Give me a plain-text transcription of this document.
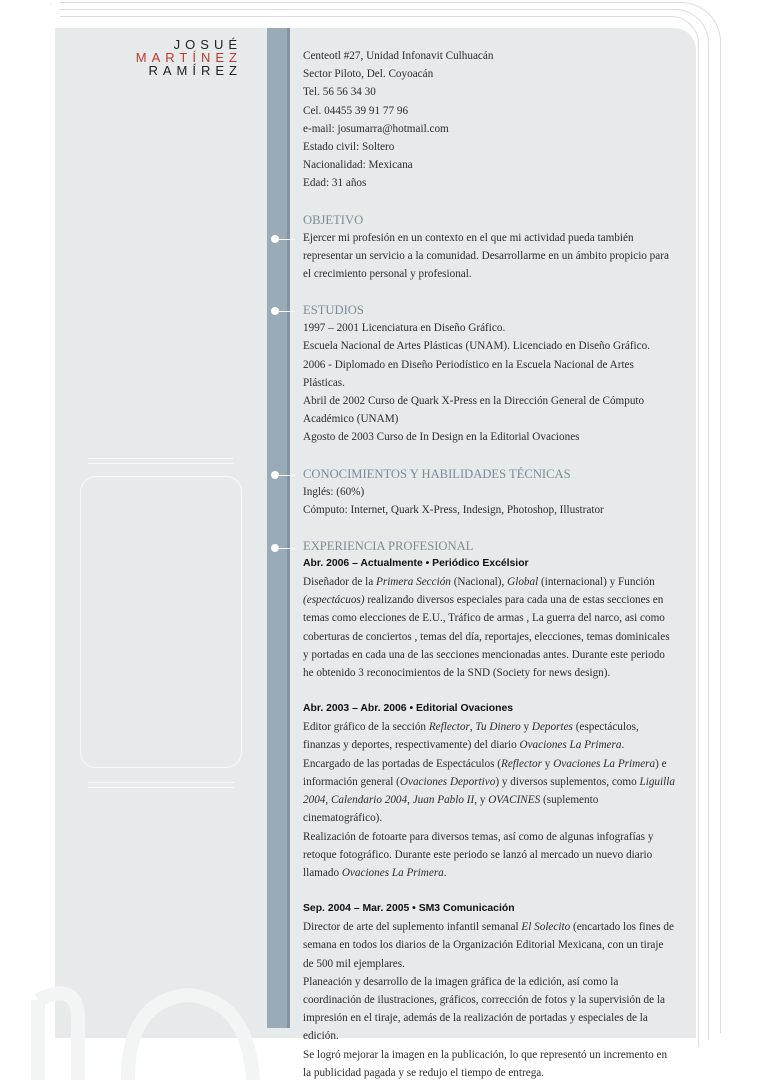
JOSUÉ
MARTÍNEZ
RAMÍREZ

Centeotl #27, Unidad Infonavit Culhuacán

Sector Piloto, Del. Coyoacán

Tel. 56 56 34 30

Cel. 04455 39 91 77 96

e-mail: josumarra@hotmail.com

Estado civil: Soltero

Nacionalidad: Mexicana

Edad: 31 años

OBJETIVO

Ejercer mi profesión en un contexto en el que mi actividad pueda también representar un servicio a la comunidad. Desarrollarme en un ámbito propicio para el crecimiento personal y profesional.

ESTUDIOS

1997 – 2001 Licenciatura en Diseño Gráfico.

Escuela Nacional de Artes Plásticas (UNAM). Licenciado en Diseño Gráfico.

2006 - Diplomado en Diseño Periodístico en la Escuela Nacional de Artes Plásticas.

Abril de 2002 Curso de Quark X-Press en la Dirección General de Cómputo Académico (UNAM)

Agosto de 2003 Curso de In Design en la Editorial Ovaciones

CONOCIMIENTOS Y HABILIDADES TÉCNICAS

Inglés: (60%)

Cómputo: Internet, Quark X-Press, Indesign, Photoshop, Illustrator

EXPERIENCIA PROFESIONAL

Abr. 2006 – Actualmente • Periódico Excélsior

Diseñador de la Primera Sección (Nacional), Global (internacional) y Función (espectácuos) realizando diversos especiales para cada una de estas secciones en temas como elecciones de E.U., Tráfico de armas , La guerra del narco, asi como coberturas de conciertos , temas del día, reportajes, elecciones, temas dominicales y portadas en cada una de las secciones mencionadas antes. Durante este periodo he obtenido 3 reconocimientos de la SND (Society for news design).

Abr. 2003 – Abr. 2006 • Editorial Ovaciones

Editor gráfico de la sección Reflector, Tu Dinero y Deportes (espectáculos, finanzas y deportes, respectivamente) del diario Ovaciones La Primera.

Encargado de las portadas de Espectáculos (Reflector y Ovaciones La Primera) e información general (Ovaciones Deportivo) y diversos suplementos, como Liguilla 2004, Calendario 2004, Juan Pablo II, y OVACINES (suplemento cinematográfico).

Realización de fotoarte para diversos temas, así como de algunas infografías y retoque fotográfico. Durante este periodo se lanzó al mercado un nuevo diario llamado Ovaciones La Primera.

Sep. 2004 – Mar. 2005 • SM3 Comunicación

Director de arte del suplemento infantil semanal El Solecito (encartado los fines de semana en todos los diarios de la Organización Editorial Mexicana, con un tiraje de 500 mil ejemplares.

Planeación y desarrollo de la imagen gráfica de la edición, así como la coordinación de ilustraciones, gráficos, corrección de fotos y la supervisión de la impresión en el tiraje, además de la realización de portadas y especiales de la edición.

Se logró mejorar la imagen en la publicación, lo que representó un incremento en la publicidad pagada y se redujo el tiempo de entrega.
